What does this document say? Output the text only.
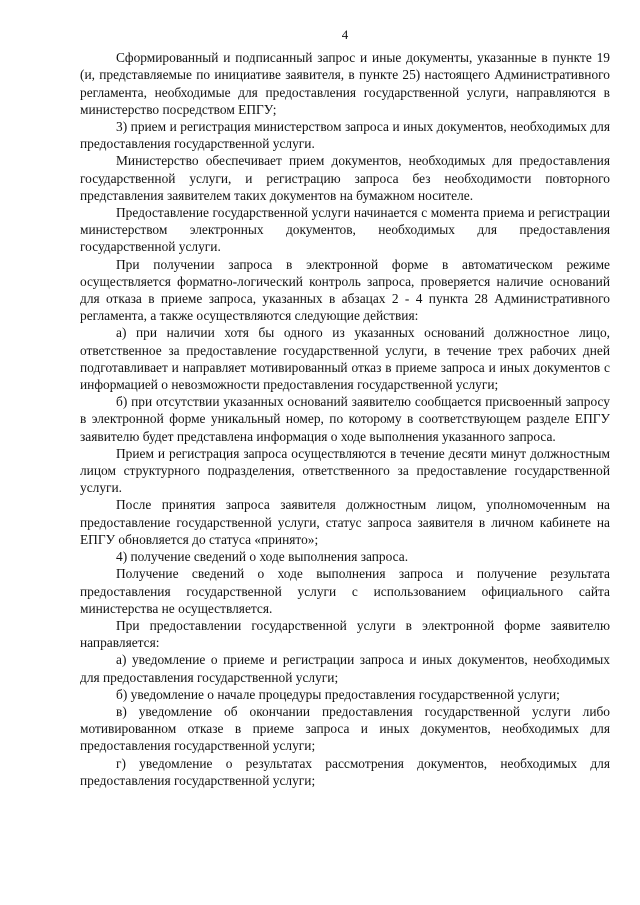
4

Сформированный и подписанный запрос и иные документы, указанные в пункте 19 (и, представляемые по инициативе заявителя, в пункте 25) настоящего Административного регламента, необходимые для предоставления государственной услуги, направляются в министерство посредством ЕПГУ;

3) прием и регистрация министерством запроса и иных документов, необходимых для предоставления государственной услуги.

Министерство обеспечивает прием документов, необходимых для предоставления государственной услуги, и регистрацию запроса без необходимости повторного представления заявителем таких документов на бумажном носителе.

Предоставление государственной услуги начинается с момента приема и регистрации министерством электронных документов, необходимых для предоставления государственной услуги.

При получении запроса в электронной форме в автоматическом режиме осуществляется форматно-логический контроль запроса, проверяется наличие оснований для отказа в приеме запроса, указанных в абзацах 2 - 4 пункта 28 Административного регламента, а также осуществляются следующие действия:

а) при наличии хотя бы одного из указанных оснований должностное лицо, ответственное за предоставление государственной услуги, в течение трех рабочих дней подготавливает и направляет мотивированный отказ в приеме запроса и иных документов с информацией о невозможности предоставления государственной услуги;

б) при отсутствии указанных оснований заявителю сообщается присвоенный запросу в электронной форме уникальный номер, по которому в соответствующем разделе ЕПГУ заявителю будет представлена информация о ходе выполнения указанного запроса.

Прием и регистрация запроса осуществляются в течение десяти минут должностным лицом структурного подразделения, ответственного за предоставление государственной услуги.

После принятия запроса заявителя должностным лицом, уполномоченным на предоставление государственной услуги, статус запроса заявителя в личном кабинете на ЕПГУ обновляется до статуса «принято»;

4) получение сведений о ходе выполнения запроса.

Получение сведений о ходе выполнения запроса и получение результата предоставления государственной услуги с использованием официального сайта министерства не осуществляется.

При предоставлении государственной услуги в электронной форме заявителю направляется:

а) уведомление о приеме и регистрации запроса и иных документов, необходимых для предоставления государственной услуги;

б) уведомление о начале процедуры предоставления государственной услуги;

в) уведомление об окончании предоставления государственной услуги либо мотивированном отказе в приеме запроса и иных документов, необходимых для предоставления государственной услуги;

г) уведомление о результатах рассмотрения документов, необходимых для предоставления государственной услуги;
